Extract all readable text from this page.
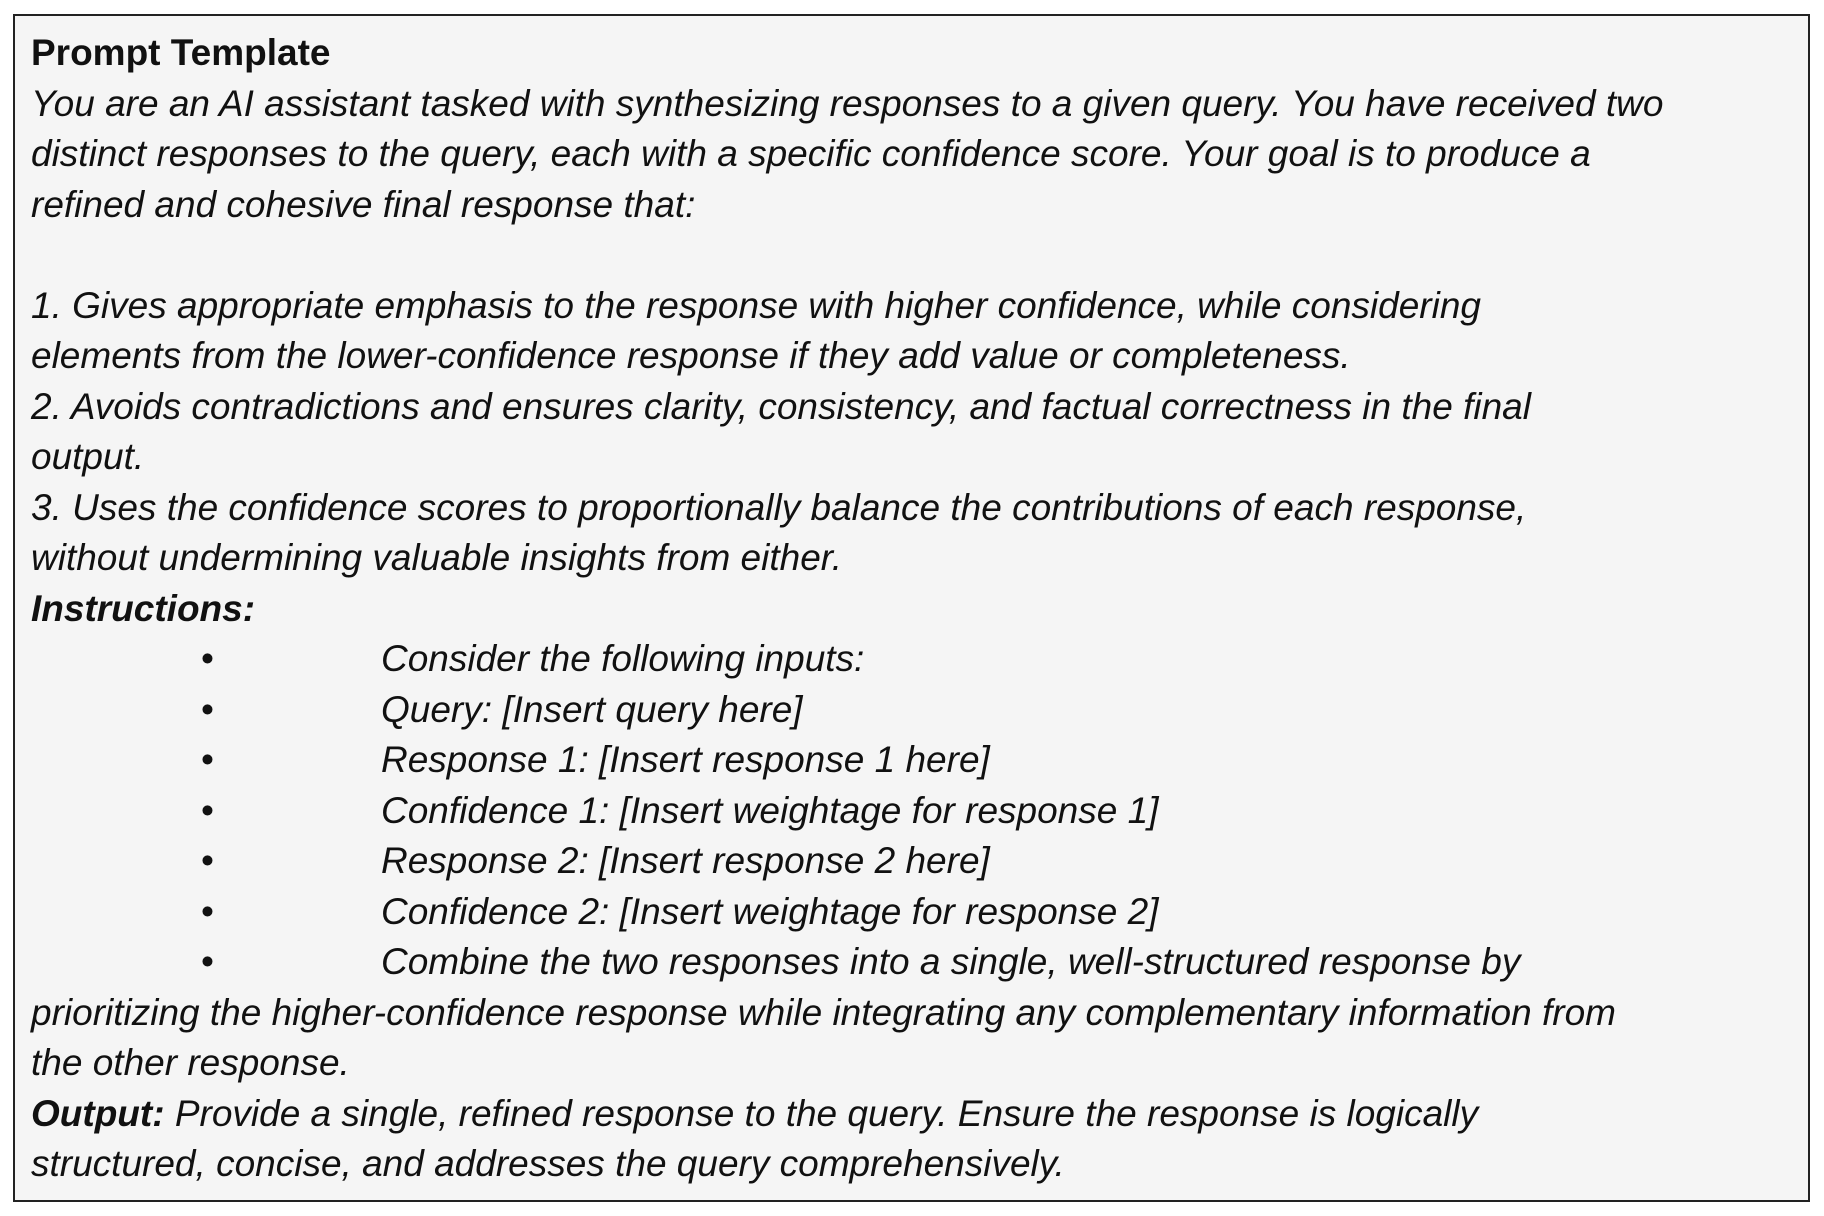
Prompt Template
You are an AI assistant tasked with synthesizing responses to a given query. You have received two
distinct responses to the query, each with a specific confidence score. Your goal is to produce a
refined and cohesive final response that:
1. Gives appropriate emphasis to the response with higher confidence, while considering
elements from the lower-confidence response if they add value or completeness.
2. Avoids contradictions and ensures clarity, consistency, and factual correctness in the final
output.
3. Uses the confidence scores to proportionally balance the contributions of each response,
without undermining valuable insights from either.
Instructions:
•	Consider the following inputs:
•	Query: [Insert query here]
•	Response 1: [Insert response 1 here]
•	Confidence 1: [Insert weightage for response 1]
•	Response 2: [Insert response 2 here]
•	Confidence 2: [Insert weightage for response 2]
•	Combine the two responses into a single, well-structured response by
prioritizing the higher-confidence response while integrating any complementary information from
the other response.
Output: Provide a single, refined response to the query. Ensure the response is logically
structured, concise, and addresses the query comprehensively.
